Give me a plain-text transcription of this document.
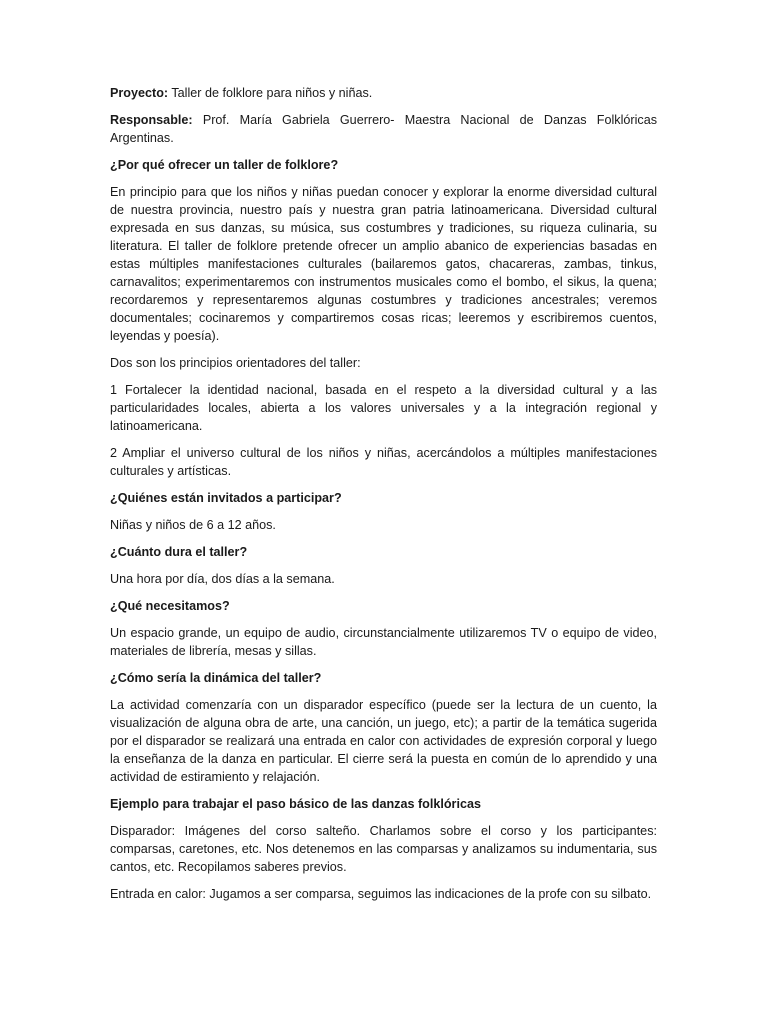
Proyecto: Taller de folklore para niños y niñas.

Responsable: Prof. María Gabriela Guerrero- Maestra Nacional de Danzas Folklóricas Argentinas.

¿Por qué ofrecer un taller de folklore?

En principio para que los niños y niñas puedan conocer y explorar la enorme diversidad cultural de nuestra provincia, nuestro país y nuestra gran patria latinoamericana. Diversidad cultural expresada en sus danzas, su música, sus costumbres y tradiciones, su riqueza culinaria, su literatura. El taller de folklore pretende ofrecer un amplio abanico de experiencias basadas en estas múltiples manifestaciones culturales (bailaremos gatos, chacareras, zambas, tinkus, carnavalitos; experimentaremos con instrumentos musicales como el bombo, el sikus, la quena; recordaremos y representaremos algunas costumbres y tradiciones ancestrales; veremos documentales; cocinaremos y compartiremos cosas ricas; leeremos y escribiremos cuentos, leyendas y poesía).

Dos son los principios orientadores del taller:

1 Fortalecer la identidad nacional, basada en el respeto a la diversidad cultural y a las particularidades locales, abierta a los valores universales y a la integración regional y latinoamericana.

2 Ampliar el universo cultural de los niños y niñas, acercándolos a múltiples manifestaciones culturales y artísticas.

¿Quiénes están invitados a participar?

Niñas y niños de 6 a 12 años.

¿Cuánto dura el taller?

Una hora por día, dos días a la semana.

¿Qué necesitamos?

Un espacio grande, un equipo de audio, circunstancialmente utilizaremos TV o equipo de video, materiales de librería, mesas y sillas.

¿Cómo sería la dinámica del taller?

La actividad comenzaría con un disparador específico (puede ser la lectura de un cuento, la visualización de alguna obra de arte, una canción, un juego, etc); a partir de la temática sugerida por el disparador se realizará una entrada en calor con actividades de expresión corporal y luego la enseñanza de la danza en particular. El cierre será la puesta en común de lo aprendido y una actividad de estiramiento y relajación.

Ejemplo para trabajar el paso básico de las danzas folklóricas

Disparador: Imágenes del corso salteño. Charlamos sobre el corso y los participantes: comparsas, caretones, etc. Nos detenemos en las comparsas y analizamos su indumentaria, sus cantos, etc. Recopilamos saberes previos.

Entrada en calor: Jugamos a ser comparsa, seguimos las indicaciones de la profe con su silbato.
